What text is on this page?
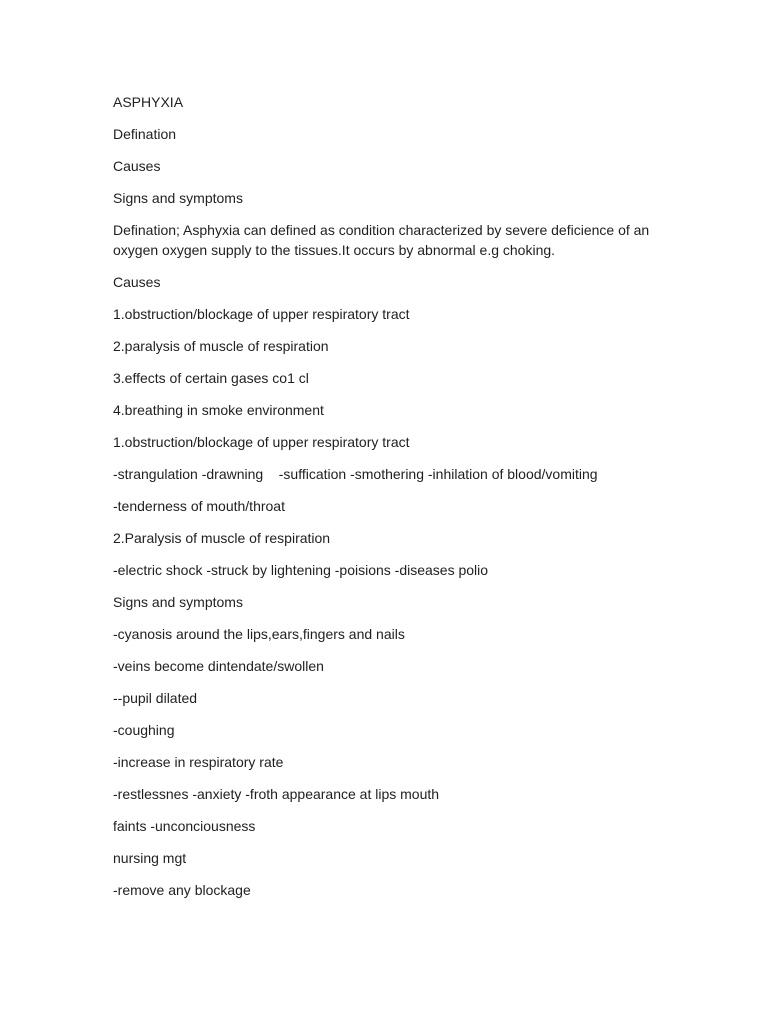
ASPHYXIA

Defination

Causes

Signs and symptoms

Defination; Asphyxia can defined as condition characterized by severe deficience of an oxygen oxygen supply to the tissues.It occurs by abnormal e.g choking.

Causes

1.obstruction/blockage of upper respiratory tract

2.paralysis of muscle of respiration

3.effects of certain gases co1 cl

4.breathing in smoke environment

1.obstruction/blockage of upper respiratory tract

-strangulation -drawning    -suffication -smothering -inhilation of blood/vomiting

-tenderness of mouth/throat

2.Paralysis of muscle of respiration

-electric shock -struck by lightening -poisions -diseases polio

Signs and symptoms

-cyanosis around the lips,ears,fingers and nails

-veins become dintendate/swollen

--pupil dilated

-coughing

-increase in respiratory rate

-restlessnes -anxiety -froth appearance at lips mouth

faints -unconciousness

nursing mgt

-remove any blockage
